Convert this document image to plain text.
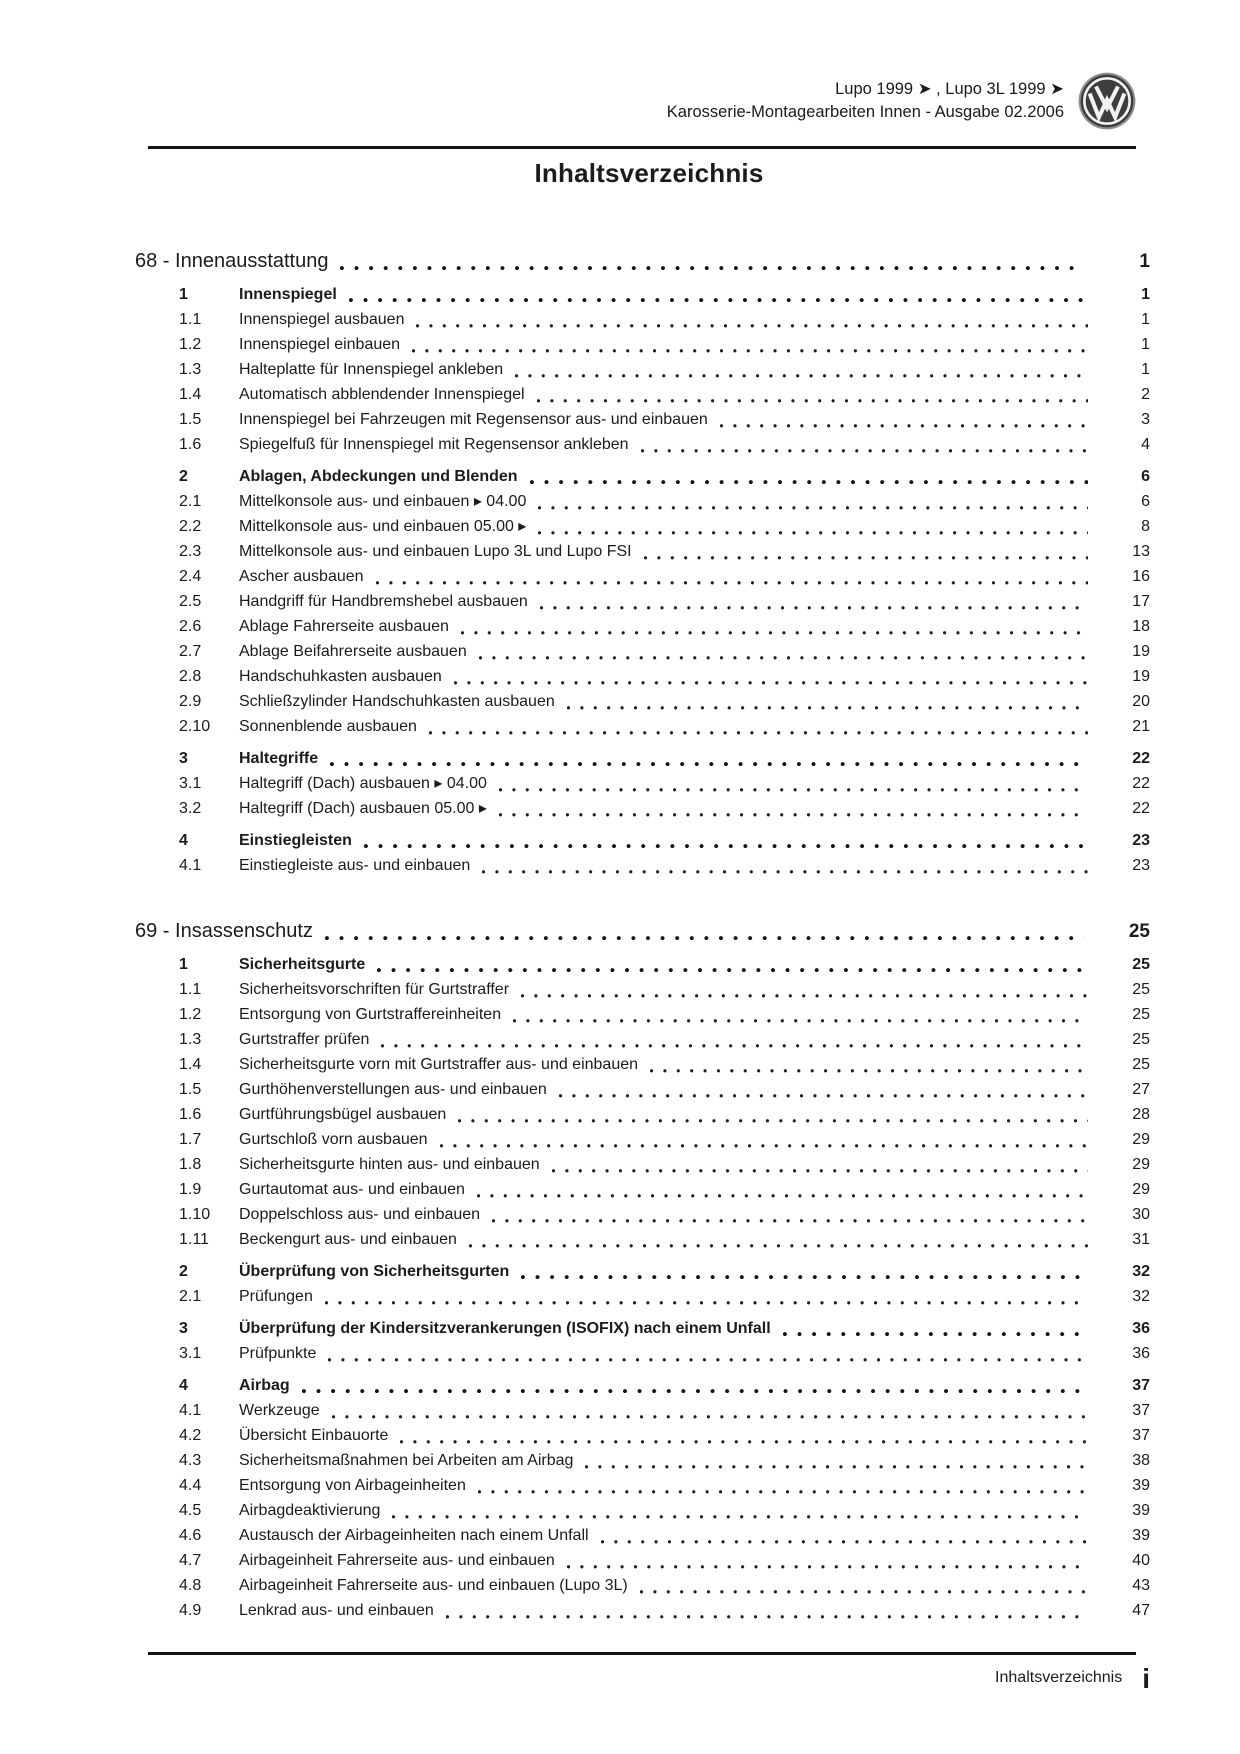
Lupo 1999 ➤ , Lupo 3L 1999 ➤
Karosserie-Montagearbeiten Innen - Ausgabe 02.2006
Inhaltsverzeichnis
68 - Innenausstattung	1
1	Innenspiegel	1
1.1	Innenspiegel ausbauen	1
1.2	Innenspiegel einbauen	1
1.3	Halteplatte für Innenspiegel ankleben	1
1.4	Automatisch abblendender Innenspiegel	2
1.5	Innenspiegel bei Fahrzeugen mit Regensensor aus- und einbauen	3
1.6	Spiegelfuß für Innenspiegel mit Regensensor ankleben	4
2	Ablagen, Abdeckungen und Blenden	6
2.1	Mittelkonsole aus- und einbauen ▸ 04.00	6
2.2	Mittelkonsole aus- und einbauen 05.00 ▸	8
2.3	Mittelkonsole aus- und einbauen Lupo 3L und Lupo FSI	13
2.4	Ascher ausbauen	16
2.5	Handgriff für Handbremshebel ausbauen	17
2.6	Ablage Fahrerseite ausbauen	18
2.7	Ablage Beifahrerseite ausbauen	19
2.8	Handschuhkasten ausbauen	19
2.9	Schließzylinder Handschuhkasten ausbauen	20
2.10	Sonnenblende ausbauen	21
3	Haltegriffe	22
3.1	Haltegriff (Dach) ausbauen ▸ 04.00	22
3.2	Haltegriff (Dach) ausbauen 05.00 ▸	22
4	Einstiegleisten	23
4.1	Einstiegleiste aus- und einbauen	23
69 - Insassenschutz	25
1	Sicherheitsgurte	25
1.1	Sicherheitsvorschriften für Gurtstraffer	25
1.2	Entsorgung von Gurtstraffereinheiten	25
1.3	Gurtstraffer prüfen	25
1.4	Sicherheitsgurte vorn mit Gurtstraffer aus- und einbauen	25
1.5	Gurthöhenverstellungen aus- und einbauen	27
1.6	Gurtführungsbügel ausbauen	28
1.7	Gurtschloß vorn ausbauen	29
1.8	Sicherheitsgurte hinten aus- und einbauen	29
1.9	Gurtautomat aus- und einbauen	29
1.10	Doppelschloss aus- und einbauen	30
1.11	Beckengurt aus- und einbauen	31
2	Überprüfung von Sicherheitsgurten	32
2.1	Prüfungen	32
3	Überprüfung der Kindersitzverankerungen (ISOFIX) nach einem Unfall	36
3.1	Prüfpunkte	36
4	Airbag	37
4.1	Werkzeuge	37
4.2	Übersicht Einbauorte	37
4.3	Sicherheitsmaßnahmen bei Arbeiten am Airbag	38
4.4	Entsorgung von Airbageinheiten	39
4.5	Airbagdeaktivierung	39
4.6	Austausch der Airbageinheiten nach einem Unfall	39
4.7	Airbageinheit Fahrerseite aus- und einbauen	40
4.8	Airbageinheit Fahrerseite aus- und einbauen (Lupo 3L)	43
4.9	Lenkrad aus- und einbauen	47
Inhaltsverzeichnis i
